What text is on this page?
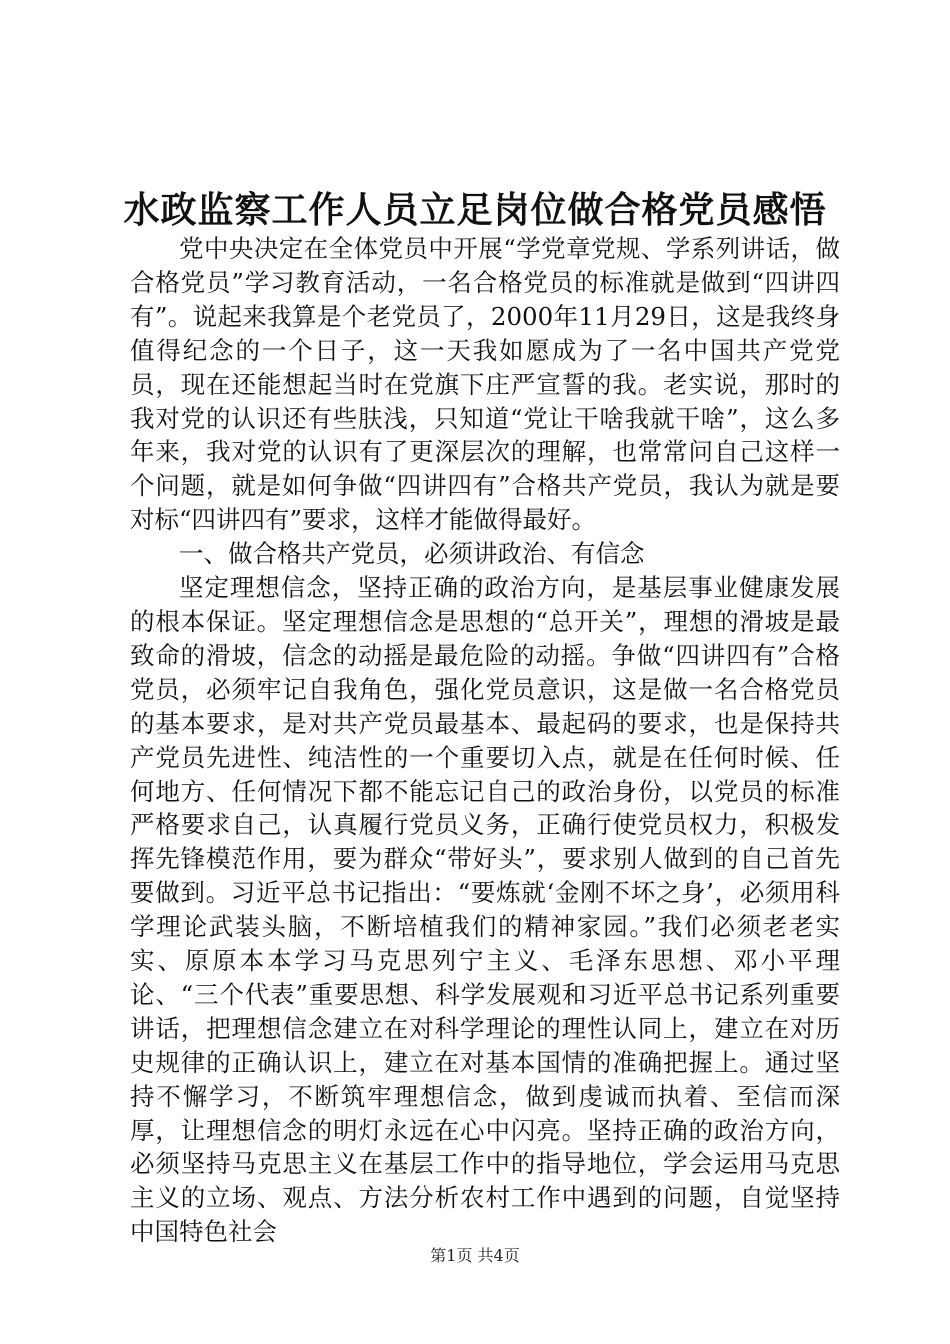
水政监察工作人员立足岗位做合格党员感悟

党中央决定在全体党员中开展“学党章党规、学系列讲话，做合格党员”学习教育活动，一名合格党员的标准就是做到“四讲四有”。说起来我算是个老党员了，2000年11月29日，这是我终身值得纪念的一个日子，这一天我如愿成为了一名中国共产党党员，现在还能想起当时在党旗下庄严宣誓的我。老实说，那时的我对党的认识还有些肤浅，只知道“党让干啥我就干啥”，这么多年来，我对党的认识有了更深层次的理解，也常常问自己这样一个问题，就是如何争做“四讲四有”合格共产党员，我认为就是要对标“四讲四有”要求，这样才能做得最好。

一、做合格共产党员，必须讲政治、有信念

坚定理想信念，坚持正确的政治方向，是基层事业健康发展的根本保证。坚定理想信念是思想的“总开关”，理想的滑坡是最致命的滑坡，信念的动摇是最危险的动摇。争做“四讲四有”合格党员，必须牢记自我角色，强化党员意识，这是做一名合格党员的基本要求，是对共产党员最基本、最起码的要求，也是保持共产党员先进性、纯洁性的一个重要切入点，就是在任何时候、任何地方、任何情况下都不能忘记自己的政治身份，以党员的标准严格要求自己，认真履行党员义务，正确行使党员权力，积极发挥先锋模范作用，要为群众“带好头”，要求别人做到的自己首先要做到。习近平总书记指出：“要炼就‘金刚不坏之身’，必须用科学理论武装头脑，不断培植我们的精神家园。”我们必须老老实实、原原本本学习马克思列宁主义、毛泽东思想、邓小平理论、“三个代表”重要思想、科学发展观和习近平总书记系列重要讲话，把理想信念建立在对科学理论的理性认同上，建立在对历史规律的正确认识上，建立在对基本国情的准确把握上。通过坚持不懈学习，不断筑牢理想信念，做到虔诚而执着、至信而深厚，让理想信念的明灯永远在心中闪亮。坚持正确的政治方向，必须坚持马克思主义在基层工作中的指导地位，学会运用马克思主义的立场、观点、方法分析农村工作中遇到的问题，自觉坚持中国特色社会

第1页 共4页
